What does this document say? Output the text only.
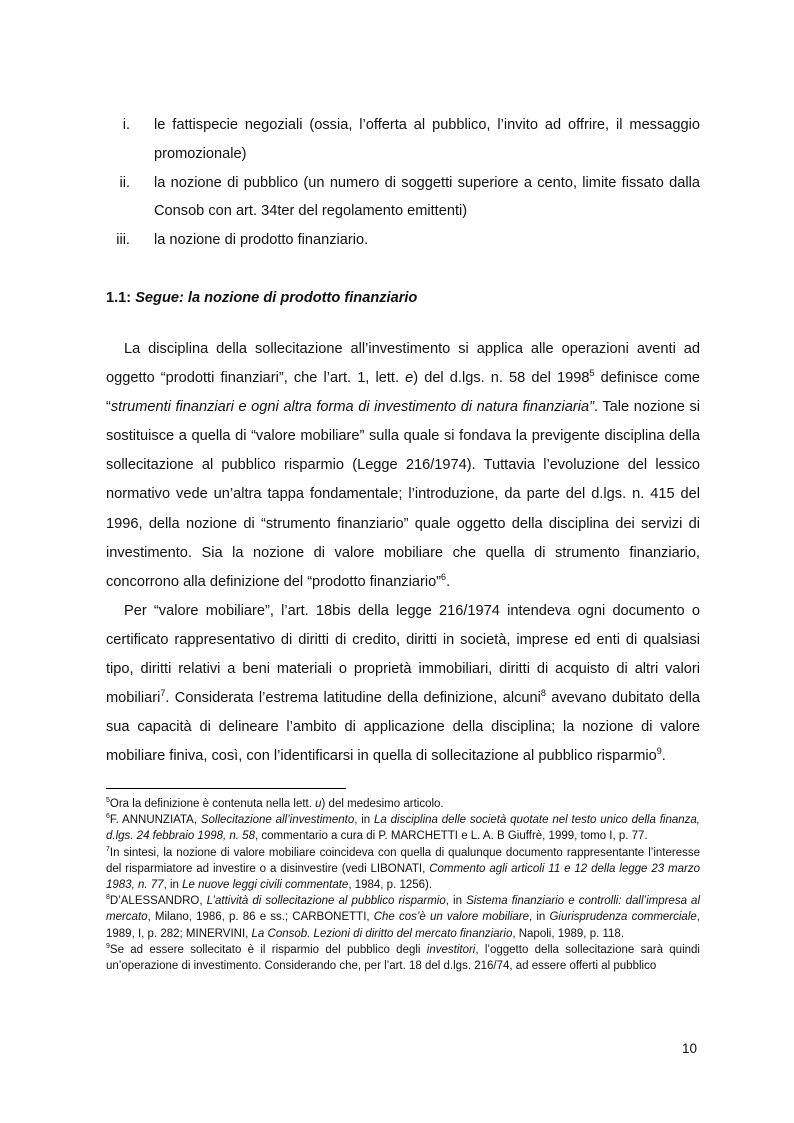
i. le fattispecie negoziali (ossia, l’offerta al pubblico, l’invito ad offrire, il messaggio promozionale)
ii. la nozione di pubblico (un numero di soggetti superiore a cento, limite fissato dalla Consob con art. 34ter del regolamento emittenti)
iii. la nozione di prodotto finanziario.
1.1: Segue: la nozione di prodotto finanziario

La disciplina della sollecitazione all’investimento si applica alle operazioni aventi ad oggetto “prodotti finanziari”, che l’art. 1, lett. e) del d.lgs. n. 58 del 1998$^5$ definisce come “strumenti finanziari e ogni altra forma di investimento di natura finanziaria”. Tale nozione si sostituisce a quella di “valore mobiliare” sulla quale si fondava la previgente disciplina della sollecitazione al pubblico risparmio (Legge 216/1974). Tuttavia l’evoluzione del lessico normativo vede un’altra tappa fondamentale; l’introduzione, da parte del d.lgs. n. 415 del 1996, della nozione di “strumento finanziario” quale oggetto della disciplina dei servizi di investimento. Sia la nozione di valore mobiliare che quella di strumento finanziario, concorrono alla definizione del “prodotto finanziario”$^6$.

Per “valore mobiliare”, l’art. 18bis della legge 216/1974 intendeva ogni documento o certificato rappresentativo di diritti di credito, diritti in società, imprese ed enti di qualsiasi tipo, diritti relativi a beni materiali o proprietà immobiliari, diritti di acquisto di altri valori mobiliari$^7$. Considerata l’estrema latitudine della definizione, alcuni$^8$ avevano dubitato della sua capacità di delineare l’ambito di applicazione della disciplina; la nozione di valore mobiliare finiva, così, con l’identificarsi in quella di sollecitazione al pubblico risparmio$^9$.

$^5$Ora la definizione è contenuta nella lett. u) del medesimo articolo.

$^6$F. ANNUNZIATA, Sollecitazione all’investimento, in La disciplina delle società quotate nel testo unico della finanza, d.lgs. 24 febbraio 1998, n. 58, commentario a cura di P. MARCHETTI e L. A. B Giuffrè, 1999, tomo I, p. 77.

$^7$In sintesi, la nozione di valore mobiliare coincideva con quella di qualunque documento rappresentante l’interesse del risparmiatore ad investire o a disinvestire (vedi LIBONATI, Commento agli articoli 11 e 12 della legge 23 marzo 1983, n. 77, in Le nuove leggi civili commentate, 1984, p. 1256).

$^8$D’ALESSANDRO, L’attività di sollecitazione al pubblico risparmio, in Sistema finanziario e controlli: dall’impresa al mercato, Milano, 1986, p. 86 e ss.; CARBONETTI, Che cos’è un valore mobiliare, in Giurisprudenza commerciale, 1989, I, p. 282; MINERVINI, La Consob. Lezioni di diritto del mercato finanziario, Napoli, 1989, p. 118.

$^9$Se ad essere sollecitato è il risparmio del pubblico degli investitori, l’oggetto della sollecitazione sarà quindi un’operazione di investimento. Considerando che, per l’art. 18 del d.lgs. 216/74, ad essere offerti al pubblico

10
